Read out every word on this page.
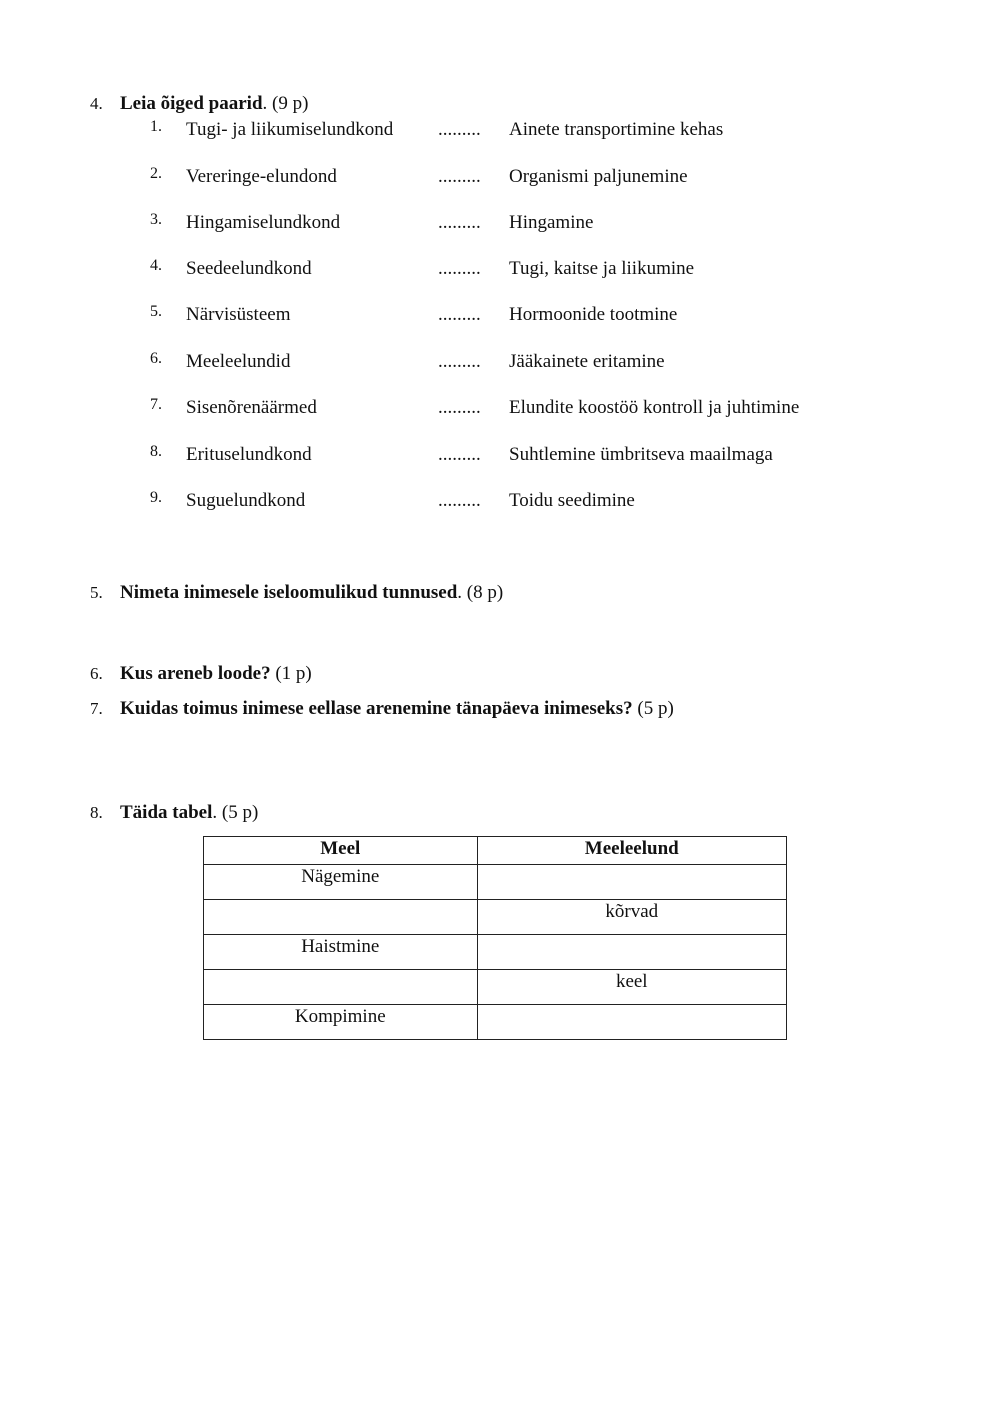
4. Leia õiged paarid. (9 p)
1. Tugi- ja liikumiselundkond ......... Ainete transportimine kehas
2. Vereringe-elundond	......... Organismi paljunemine
3. Hingamiselundkond	......... Hingamine
4. Seedeelundkond	......... Tugi, kaitse ja liikumine
5. Närvisüsteem	......... Hormoonide tootmine
6. Meeleelundid	......... Jääkainete eritamine
7. Sisenõrenäärmed	......... Elundite koostöö kontroll ja juhtimine
8. Erituselundkond	......... Suhtlemine ümbritseva maailmaga
9. Suguelundkond	......... Toidu seedimine
5. Nimeta inimesele iseloomulikud tunnused. (8 p)
6. Kus areneb loode? (1 p)
7. Kuidas toimus inimese eellase arenemine tänapäeva inimeseks? (5 p)
8. Täida tabel. (5 p)
Meel	Meeleelund
Nägemine	
	kõrvad
Haistmine	
	keel
Kompimine	
